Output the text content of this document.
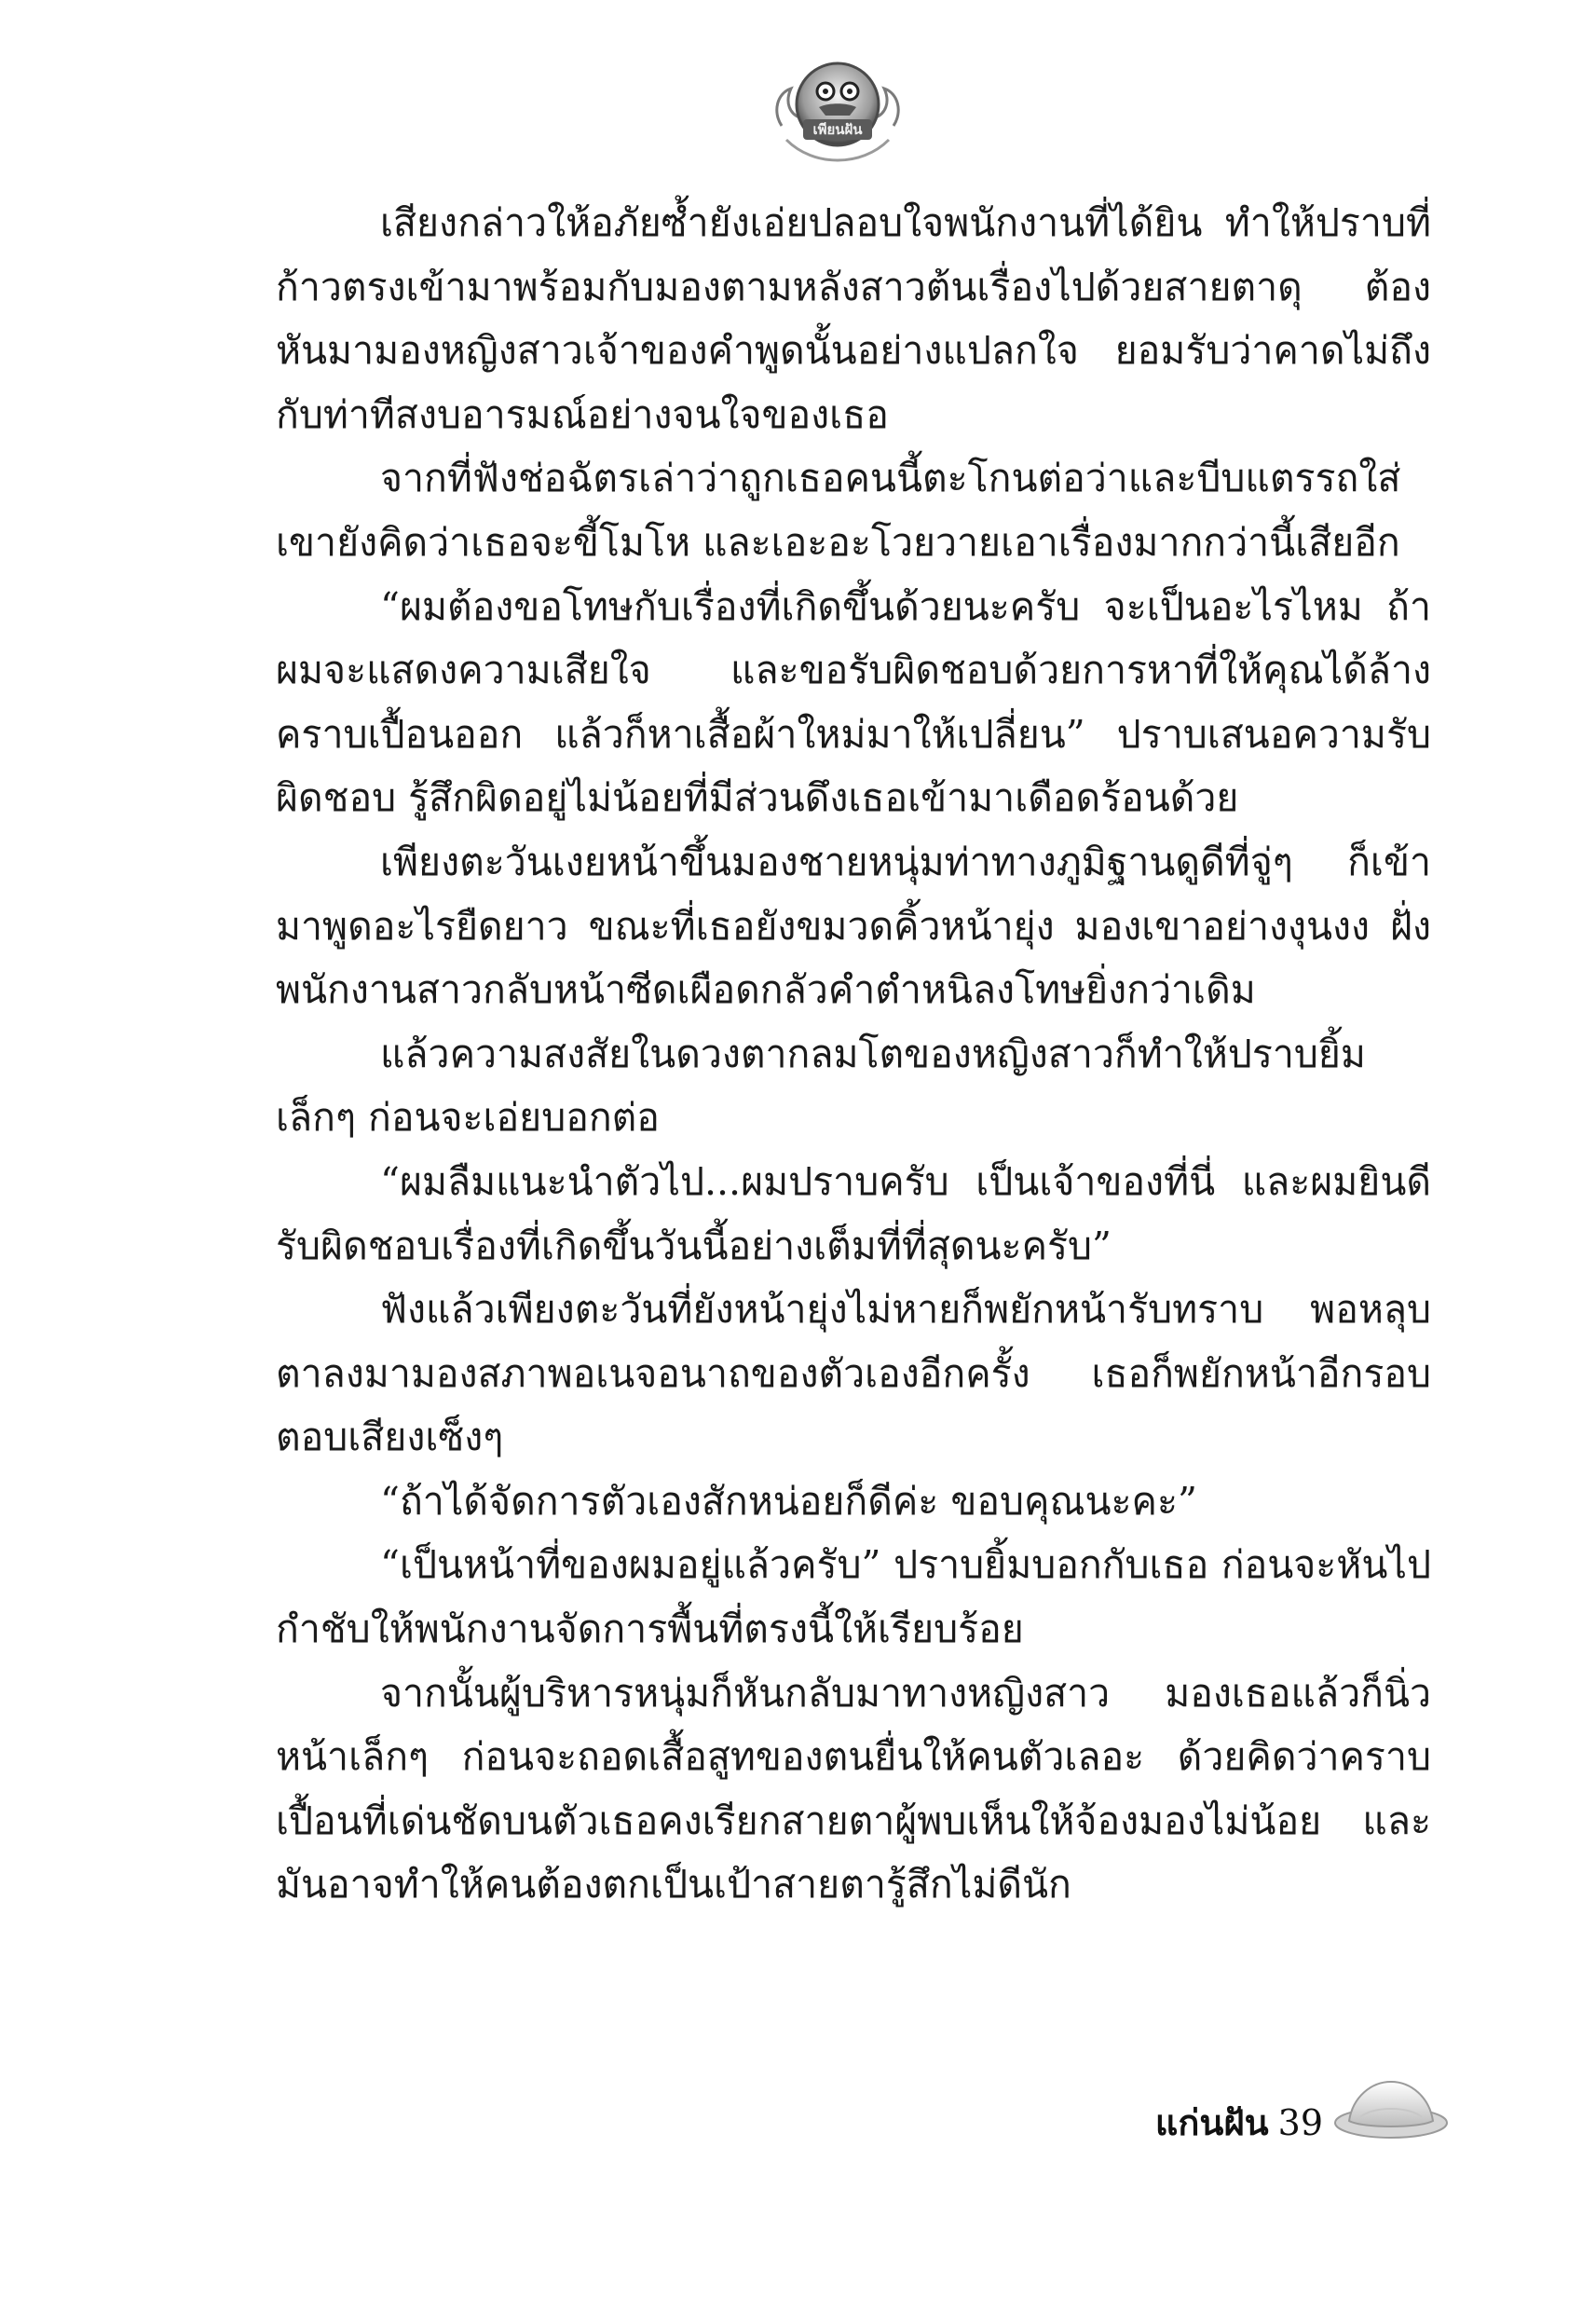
เพียนฝัน

เสียงกล่าวให้อภัยซ้ำยังเอ่ยปลอบใจพนักงานที่ได้ยิน ทำให้ปราบที่ก้าวตรงเข้ามาพร้อมกับมองตามหลังสาวต้นเรื่องไปด้วยสายตาดุ ต้องหันมามองหญิงสาวเจ้าของคำพูดนั้นอย่างแปลกใจ ยอมรับว่าคาดไม่ถึงกับท่าทีสงบอารมณ์อย่างจนใจของเธอ

จากที่ฟังช่อฉัตรเล่าว่าถูกเธอคนนี้ตะโกนต่อว่าและบีบแตรรถใส่ เขายังคิดว่าเธอจะขี้โมโห และเอะอะโวยวายเอาเรื่องมากกว่านี้เสียอีก

“ผมต้องขอโทษกับเรื่องที่เกิดขึ้นด้วยนะครับ จะเป็นอะไรไหม ถ้าผมจะแสดงความเสียใจ และขอรับผิดชอบด้วยการหาที่ให้คุณได้ล้างคราบเปื้อนออก แล้วก็หาเสื้อผ้าใหม่มาให้เปลี่ยน” ปราบเสนอความรับผิดชอบ รู้สึกผิดอยู่ไม่น้อยที่มีส่วนดึงเธอเข้ามาเดือดร้อนด้วย

เพียงตะวันเงยหน้าขึ้นมองชายหนุ่มท่าทางภูมิฐานดูดีที่จู่ๆ ก็เข้ามาพูดอะไรยืดยาว ขณะที่เธอยังขมวดคิ้วหน้ายุ่ง มองเขาอย่างงุนงง ฝั่งพนักงานสาวกลับหน้าซีดเผือดกลัวคำตำหนิลงโทษยิ่งกว่าเดิม

แล้วความสงสัยในดวงตากลมโตของหญิงสาวก็ทำให้ปราบยิ้มเล็กๆ ก่อนจะเอ่ยบอกต่อ

“ผมลืมแนะนำตัวไป...ผมปราบครับ เป็นเจ้าของที่นี่ และผมยินดีรับผิดชอบเรื่องที่เกิดขึ้นวันนี้อย่างเต็มที่ที่สุดนะครับ”

ฟังแล้วเพียงตะวันที่ยังหน้ายุ่งไม่หายก็พยักหน้ารับทราบ พอหลุบตาลงมามองสภาพอเนจอนาถของตัวเองอีกครั้ง เธอก็พยักหน้าอีกรอบ ตอบเสียงเซ็งๆ

“ถ้าได้จัดการตัวเองสักหน่อยก็ดีค่ะ ขอบคุณนะคะ”

“เป็นหน้าที่ของผมอยู่แล้วครับ” ปราบยิ้มบอกกับเธอ ก่อนจะหันไปกำชับให้พนักงานจัดการพื้นที่ตรงนี้ให้เรียบร้อย

จากนั้นผู้บริหารหนุ่มก็หันกลับมาทางหญิงสาว มองเธอแล้วก็นิ่วหน้าเล็กๆ ก่อนจะถอดเสื้อสูทของตนยื่นให้คนตัวเลอะ ด้วยคิดว่าคราบเปื้อนที่เด่นชัดบนตัวเธอคงเรียกสายตาผู้พบเห็นให้จ้องมองไม่น้อย และมันอาจทำให้คนต้องตกเป็นเป้าสายตารู้สึกไม่ดีนัก

แก่นฝัน 39
